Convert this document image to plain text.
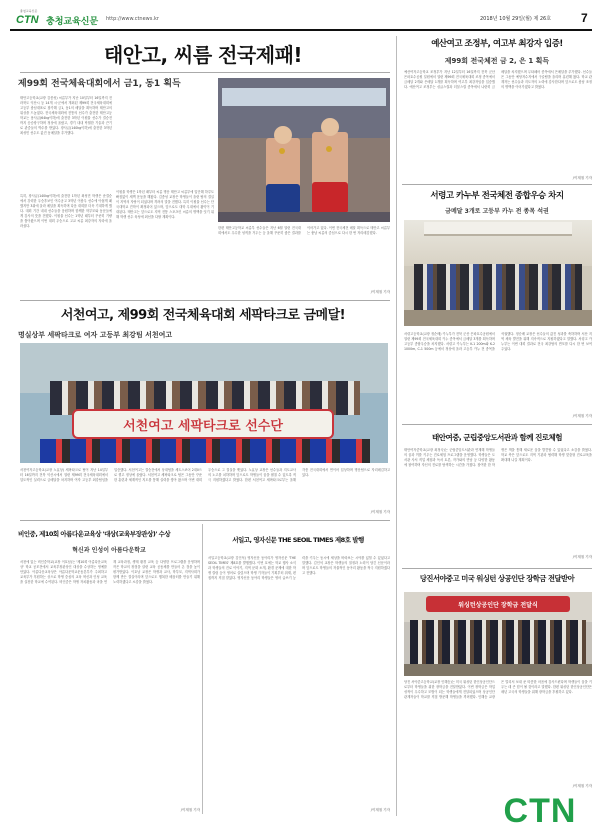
충청교육신문
CTN 충청교육신문 http://www.ctnews.kr	2018년 10월 29일(월) 제 26호 7
태안고, 씨름 전국제패!
제99회 전국체육대회에서 금1, 동1 획득
태안고등학교(교장 김종성) 씨름부가 지난 10일부터 16일까지 전라북도 익산시 등 14개 시·군에서 개최된 제99회 전국체육대회에 고등부 충남대표로 참가해 금1, 동1의 메달을 획득하며 태안고의 위상을 드높였다. 전국체육대회에 전통의 선수가 출전한 태안고등학교는 용사급(64kg이하)에 출전한 3학년 이원율 선수가 결승전까지 승승장구하며 정상에 올랐고, 경기 내내 탁월한 기술과 끈기로 관중들의 박수를 받았다. 장사급(140kg이하)에 출전한 3학년 최성민 선수도 값진 동메달을 추가했다.
특히, 장사급(140kg이하)에 출전한 1학년 최성민 학생은 준결승에서 강력한 우승후보인 여수공고 3학년 이충우 선수에 아쉽게 패했지만 3위에 올라 메달을 획득하며 다음 대회를 더욱 기대하게 했다. 대회 기간 내내 선수들을 응원하며 함께한 학부모와 동문들에게 감사의 뜻을 전했다. 이원율 선수는 1학년 때부터 꾸준히 기량을 쌓아왔으며 이번 대회 우승으로 고교 씨름 최강자의 자리에 올라섰다.
이원율 학생은 1학년 때부터 씨름 명문 태안고 씨름부에 입단해 하루도 빠짐없이 새벽 운동을 해왔다. 김종성 교장은 학생들이 흘린 땀의 결실이 지역의 자랑이 되었다며 격려의 말을 전했다. 특히 이원율 선수는 단국대학교 진학이 확정되어 있으며, 앞으로도 대학 무대에서 활약이 기대된다. 태안고는 앞으로도 지역 전통 스포츠인 씨름의 명맥을 잇기 위해 학생 선수 육성에 최선을 다할 계획이다.
한편 태안고등학교 씨름부 선수들은 지난 6월 열린 전국대회에서도 우수한 성적을 거두는 등 올해 꾸준히 좋은 결과를 이어가고 있다. 이번 전국체전 메달 획득으로 태안고 씨름부는 충남 씨름의 중심으로 다시 한 번 자리매김했다.
/이재철 기자
서천여고, 제99회 전국체육대회 세팍타크로 금메달!
명실상부 세팍타크로 여자 고등부 최강팀 서천여고
서천여고 세팍타크로 선수단
서천여자고등학교(교장 노효상) 세팍타크로 팀이 지난 14일부터 16일까지 전북 익산시에서 열린 제99회 전국체육대회에서 압도적인 실력으로 금메달을 차지하며 여자 고등부 최강팀임을 입증했다. 서천여고는 결승전에서 상대팀을 세트스코어 2대0으로 꺾고 정상에 올랐다. 서천여고 세팍타크로 팀은 그동안 꾸준한 훈련과 체계적인 지도를 통해 실력을 쌓아 왔으며 이번 대회 우승으로 그 결실을 맺었다. 노효상 교장은 선수들과 지도교사의 노고를 치하하며 앞으로도 학생들이 꿈을 펼칠 수 있도록 적극 지원하겠다고 밝혔다. 한편 서천여고 세팍타크로부는 올해 각종 전국대회에서 연이어 입상하며 명문팀으로 자리매김하고 있다.
/이재철 기자
비인중, 제10회 아름다운교육상 '대상(교육부장관상)' 수상
혁신과 인성이 아름다운학교
서천에 있는 비인중학교(교장 이호남)는 '제10회 아름다운교육상' 학교 공모전에서 교육부장관상인 대상을 수상하는 영예를 안았다. 아름다운교육상은 아름다운학교운동본부가 주최하고 교육부가 후원하는 상으로 학생 중심의 교육 혁신과 인성 교육을 실천한 학교에 수여된다. 비인중은 학생 자치활동과 마을 연계 교육과정, 생태 환경 교육 등 다양한 프로그램을 운영하며 작은 학교의 장점을 살린 교육 공동체를 만들어 온 점을 높이 평가받았다. 이호남 교장은 학생과 교사, 학부모, 지역사회가 함께 만든 결실이라며 앞으로도 행복한 배움터를 만들기 위해 노력하겠다고 소감을 밝혔다.
/이재철 기자
서일고, 영자신문 THE SEOIL TIMES 제8호 발행
서일고등학교(교장 김인석) 영자신문 동아리가 영자신문 'THE SEOIL TIMES' 제8호를 발행했다. 이번 호에는 학교 행사 소식과 학생들의 진로 이야기, 지역 문화 소개, 환경 문제에 대한 학생 칼럼 등이 영어로 실렸으며 학생 기자들이 기획부터 취재, 편집까지 직접 맡았다. 영자신문 동아리 학생들은 영어 글쓰기 능력을 키우는 동시에 세상을 바라보는 시야를 넓힐 수 있었다고 말했다. 김인석 교장은 학생들의 열정과 노력이 담긴 신문이라며 앞으로도 학생들의 자율적인 동아리 활동을 적극 지원하겠다고 전했다.
/이재철 기자
예산여고 조정부, 여고부 최강자 입증!
제99회 전국체전 금 2, 은 1 획득
예산여자고등학교 조정부가 지난 12일부터 16일까지 전북 군산 은파호수공원 일원에서 열린 제99회 전국체육대회 조정 종목에서 금메달 2개와 은메달 1개를 획득하며 여고부 최강자임을 입증했다. 예산여고 조정부는 싱글스컬과 더블스컬 종목에서 나란히 금메달을 차지했으며 무타페어 종목에서 은메달을 추가했다. 선수들은 그동안 예당저수지에서 구슬땀을 흘리며 훈련해 왔다. 학교 관계자는 선수들과 지도자의 노력에 감사한다며 앞으로도 충남 조정의 명맥을 이어가겠다고 밝혔다.
/이재철 기자
서령고 카누부 전국체전 종합우승 차지
금메달 3개로 고등부 카누 전 종목 석권
서령고등학교(교장 정순배) 카누부가 전북 군산 은파호수공원에서 열린 제99회 전국체육대회 카누 종목에서 금메달 3개를 획득하며 고등부 종합우승을 차지했다. 서령고 카누부는 K-1 200m와 K-2 1000m, C-1 500m 등에서 정상에 올라 고등부 카누 전 종목을 석권했다. 정순배 교장은 선수들의 값진 성과를 축하하며 서산 지역 체육 발전을 위해 지속적으로 지원하겠다고 말했다. 서령고 카누부는 이번 대회 결과로 전국 최강팀의 면모를 다시 한 번 보여 주었다.
/이재철 기자
태안여중, 군립중앙도서관과 함께 진로체험
태안여자중학교(교장 최정숙)는 군립중앙도서관과 연계해 학생들의 꿈과 끼를 키우는 진로체험 프로그램을 운영했다. 학생들은 도서관 사서 직업 체험과 독서 토론, 작가와의 만남 등 다양한 활동에 참여하며 자신의 진로를 탐색하는 시간을 가졌다. 참여한 한 학생은 책을 통해 새로운 꿈을 발견할 수 있었다고 소감을 밝혔다. 학교 측은 앞으로도 지역 기관과 협력해 학생 맞춤형 진로교육을 확대해 나갈 계획이다.
/이재철 기자
당진서야중고 미국 워싱턴 상공인단 장학금 전달받아
워싱턴상공인단 장학금 전달식
당진 서야중고등학교(교장 인해승)는 미국 워싱턴 한인상공인단으로부터 학생들을 위한 장학금을 전달받았다. 이번 장학금은 학업 성적이 우수하고 모범이 되는 학생들에게 전달되었으며 상공인단 관계자들이 학교를 직접 방문해 학생들을 격려했다. 인해승 교장은 멀리서 보내 준 따뜻한 마음에 감사드린다며 학생들이 꿈을 키우는 데 큰 힘이 될 것이라고 말했다. 한편 워싱턴 한인상공인단은 매년 고국의 학생들을 위해 장학금을 후원하고 있다.
/이재철 기자
CTN
